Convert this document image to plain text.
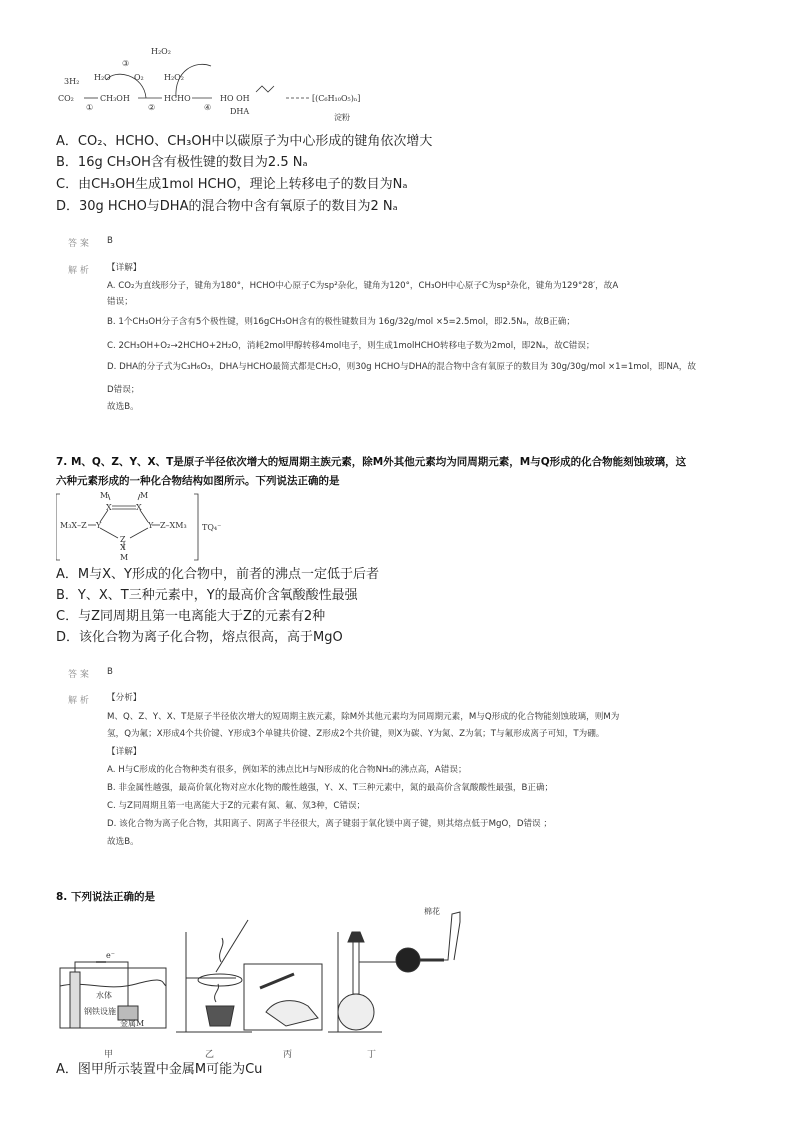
H₂O₂
③
H₂O	O₂	H₂O₂
3H₂
CO₂
①
CH₃OH
②
HCHO
④
HO OH
DHA
[(C₆H₁₀O₅)ₙ]
淀粉
A．CO₂、HCHO、CH₃OH中以碳原子为中心形成的键角依次增大
B．16g CH₃OH含有极性键的数目为2.5 Nₐ
C．由CH₃OH生成1mol HCHO，理论上转移电子的数目为Nₐ
D．30g HCHO与DHA的混合物中含有氧原子的数目为2 Nₐ
答 案 B
解 析 【详解】
A. CO₂为直线形分子，键角为180°，HCHO中心原子C为sp²杂化，键角为120°，CH₃OH中心原子C为sp³杂化，键角为129°28′，故A
错误；
B. 1个CH₃OH分子含有5个极性键，则16gCH₃OH含有的极性键数目为 16g/32g/mol ×5=2.5mol，即2.5Nₐ，故B正确；
C. 2CH₃OH+O₂→2HCHO+2H₂O，消耗2mol甲醇转移4mol电子，则生成1molHCHO转移电子数为2mol，即2Nₐ，故C错误；
D. DHA的分子式为C₃H₆O₃，DHA与HCHO最简式都是CH₂O，则30g HCHO与DHA的混合物中含有氧原子的数目为 30g/30g/mol ×1=1mol，即NA，故
D错误；
故选B。
7. M、Q、Z、Y、X、T是原子半径依次增大的短周期主族元素，除M外其他元素均为同周期元素，M与Q形成的化合物能刻蚀玻璃，这
六种元素形成的一种化合物结构如图所示。下列说法正确的是
M	M
X	X
Y	Y
Z
X
M
M₃X–Z	Z–XM₃ TQ₄⁻
A．M与X、Y形成的化合物中，前者的沸点一定低于后者
B．Y、X、T三种元素中，Y的最高价含氧酸酸性最强
C．与Z同周期且第一电离能大于Z的元素有2种
D．该化合物为离子化合物，熔点很高，高于MgO
答 案 B
解 析 【分析】
M、Q、Z、Y、X、T是原子半径依次增大的短周期主族元素，除M外其他元素均为同周期元素，M与Q形成的化合物能刻蚀玻璃，则M为
氢，Q为氟；X形成4个共价键、Y形成3个单键共价键、Z形成2个共价键，则X为碳、Y为氮、Z为氧；T与氟形成离子可知，T为硼。
【详解】
A. H与C形成的化合物种类有很多，例如苯的沸点比H与N形成的化合物NH₃的沸点高，A错误；
B. 非金属性越强，最高价氧化物对应水化物的酸性越强，Y、X、T三种元素中，氮的最高价含氧酸酸性最强，B正确；
C. 与Z同周期且第一电离能大于Z的元素有氮、氟、氖3种，C错误；
D. 该化合物为离子化合物，其阳离子、阴离子半径很大，离子键弱于氧化镁中离子键，则其熔点低于MgO，D错误 ；
故选B。
8. 下列说法正确的是
e⁻
水体
钢铁设施
金属M
棉花
甲	乙	丙	丁
A．图甲所示装置中金属M可能为Cu
